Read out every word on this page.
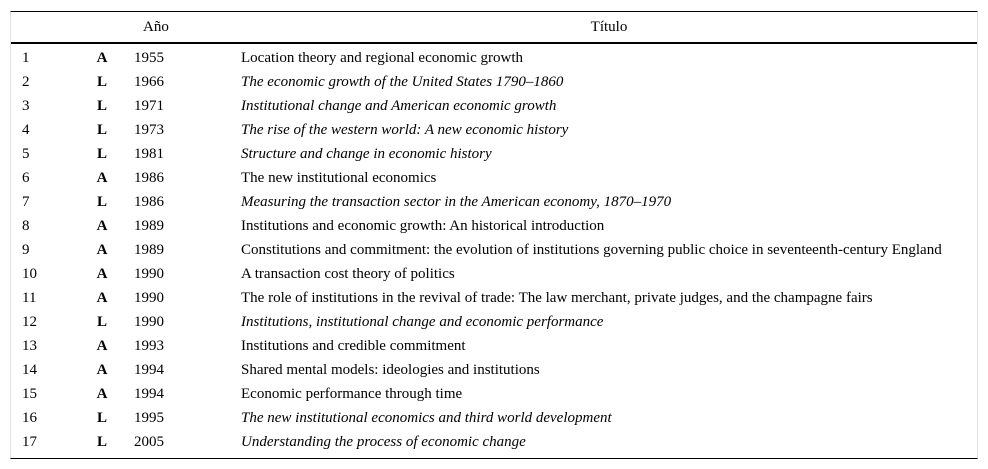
		Año	Título
1	A	1955	Location theory and regional economic growth
2	L	1966	The economic growth of the United States 1790–1860
3	L	1971	Institutional change and American economic growth
4	L	1973	The rise of the western world: A new economic history
5	L	1981	Structure and change in economic history
6	A	1986	The new institutional economics
7	L	1986	Measuring the transaction sector in the American economy, 1870–1970
8	A	1989	Institutions and economic growth: An historical introduction
9	A	1989	Constitutions and commitment: the evolution of institutions governing public choice in seventeenth-century England
10	A	1990	A transaction cost theory of politics
11	A	1990	The role of institutions in the revival of trade: The law merchant, private judges, and the champagne fairs
12	L	1990	Institutions, institutional change and economic performance
13	A	1993	Institutions and credible commitment
14	A	1994	Shared mental models: ideologies and institutions
15	A	1994	Economic performance through time
16	L	1995	The new institutional economics and third world development
17	L	2005	Understanding the process of economic change
